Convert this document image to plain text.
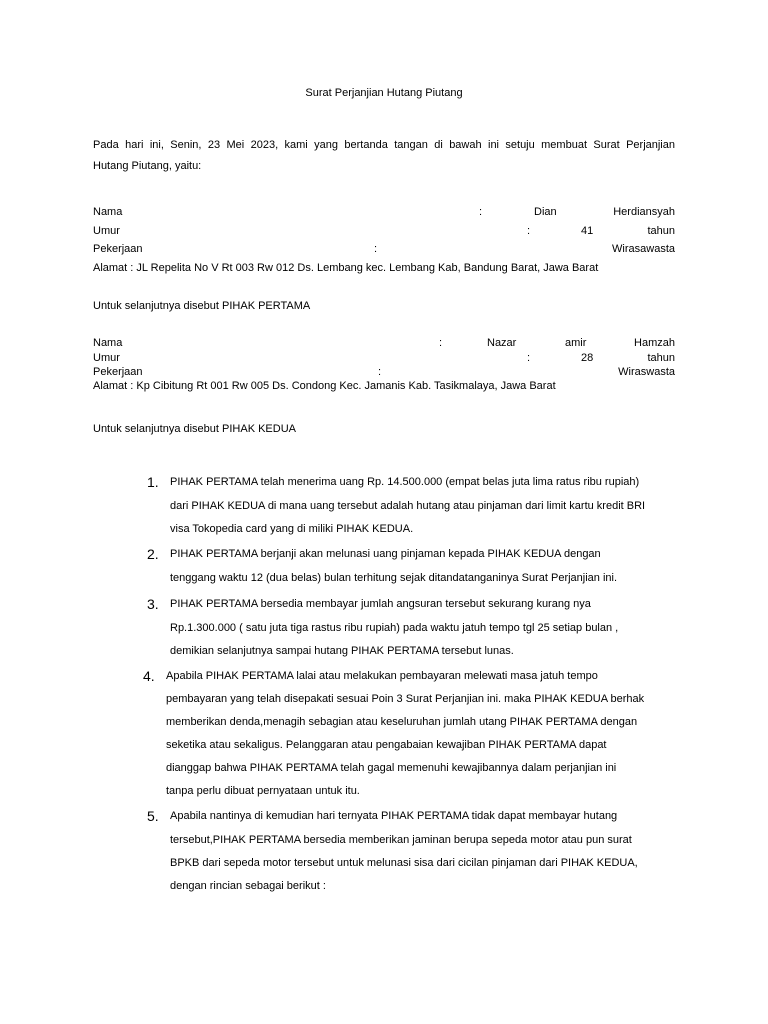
Surat Perjanjian Hutang Piutang
Pada hari ini, Senin, 23 Mei 2023, kami yang bertanda tangan di bawah ini setuju membuat Surat Perjanjian
Hutang Piutang, yaitu:
Nama	:	Dian	Herdiansyah
Umur	:	41	tahun
Pekerjaan	:	Wirasawasta
Alamat : JL Repelita No V Rt 003 Rw 012 Ds. Lembang kec. Lembang Kab, Bandung Barat, Jawa Barat
Untuk selanjutnya disebut PIHAK PERTAMA
Nama	:	Nazar	amir	Hamzah
Umur	:	28	tahun
Pekerjaan	:	Wiraswasta
Alamat : Kp Cibitung Rt 001 Rw 005 Ds. Condong Kec. Jamanis Kab. Tasikmalaya, Jawa Barat
Untuk selanjutnya disebut PIHAK KEDUA
1. PIHAK PERTAMA telah menerima uang Rp. 14.500.000 (empat belas juta lima ratus ribu rupiah)
dari PIHAK KEDUA di mana uang tersebut adalah hutang atau pinjaman dari limit kartu kredit BRI
visa Tokopedia card yang di miliki PIHAK KEDUA.
2. PIHAK PERTAMA berjanji akan melunasi uang pinjaman kepada PIHAK KEDUA dengan
tenggang waktu 12 (dua belas) bulan terhitung sejak ditandatanganinya Surat Perjanjian ini.
3. PIHAK PERTAMA bersedia membayar jumlah angsuran tersebut sekurang kurang nya
Rp.1.300.000 ( satu juta tiga rastus ribu rupiah) pada waktu jatuh tempo tgl 25 setiap bulan ,
demikian selanjutnya sampai hutang PIHAK PERTAMA tersebut lunas.
4. Apabila PIHAK PERTAMA lalai atau melakukan pembayaran melewati masa jatuh tempo
pembayaran yang telah disepakati sesuai Poin 3 Surat Perjanjian ini. maka PIHAK KEDUA berhak
memberikan denda,menagih sebagian atau keseluruhan jumlah utang PIHAK PERTAMA dengan
seketika atau sekaligus. Pelanggaran atau pengabaian kewajiban PIHAK PERTAMA dapat
dianggap bahwa PIHAK PERTAMA telah gagal memenuhi kewajibannya dalam perjanjian ini
tanpa perlu dibuat pernyataan untuk itu.
5. Apabila nantinya di kemudian hari ternyata PIHAK PERTAMA tidak dapat membayar hutang
tersebut,PIHAK PERTAMA bersedia memberikan jaminan berupa sepeda motor atau pun surat
BPKB dari sepeda motor tersebut untuk melunasi sisa dari cicilan pinjaman dari PIHAK KEDUA,
dengan rincian sebagai berikut :
